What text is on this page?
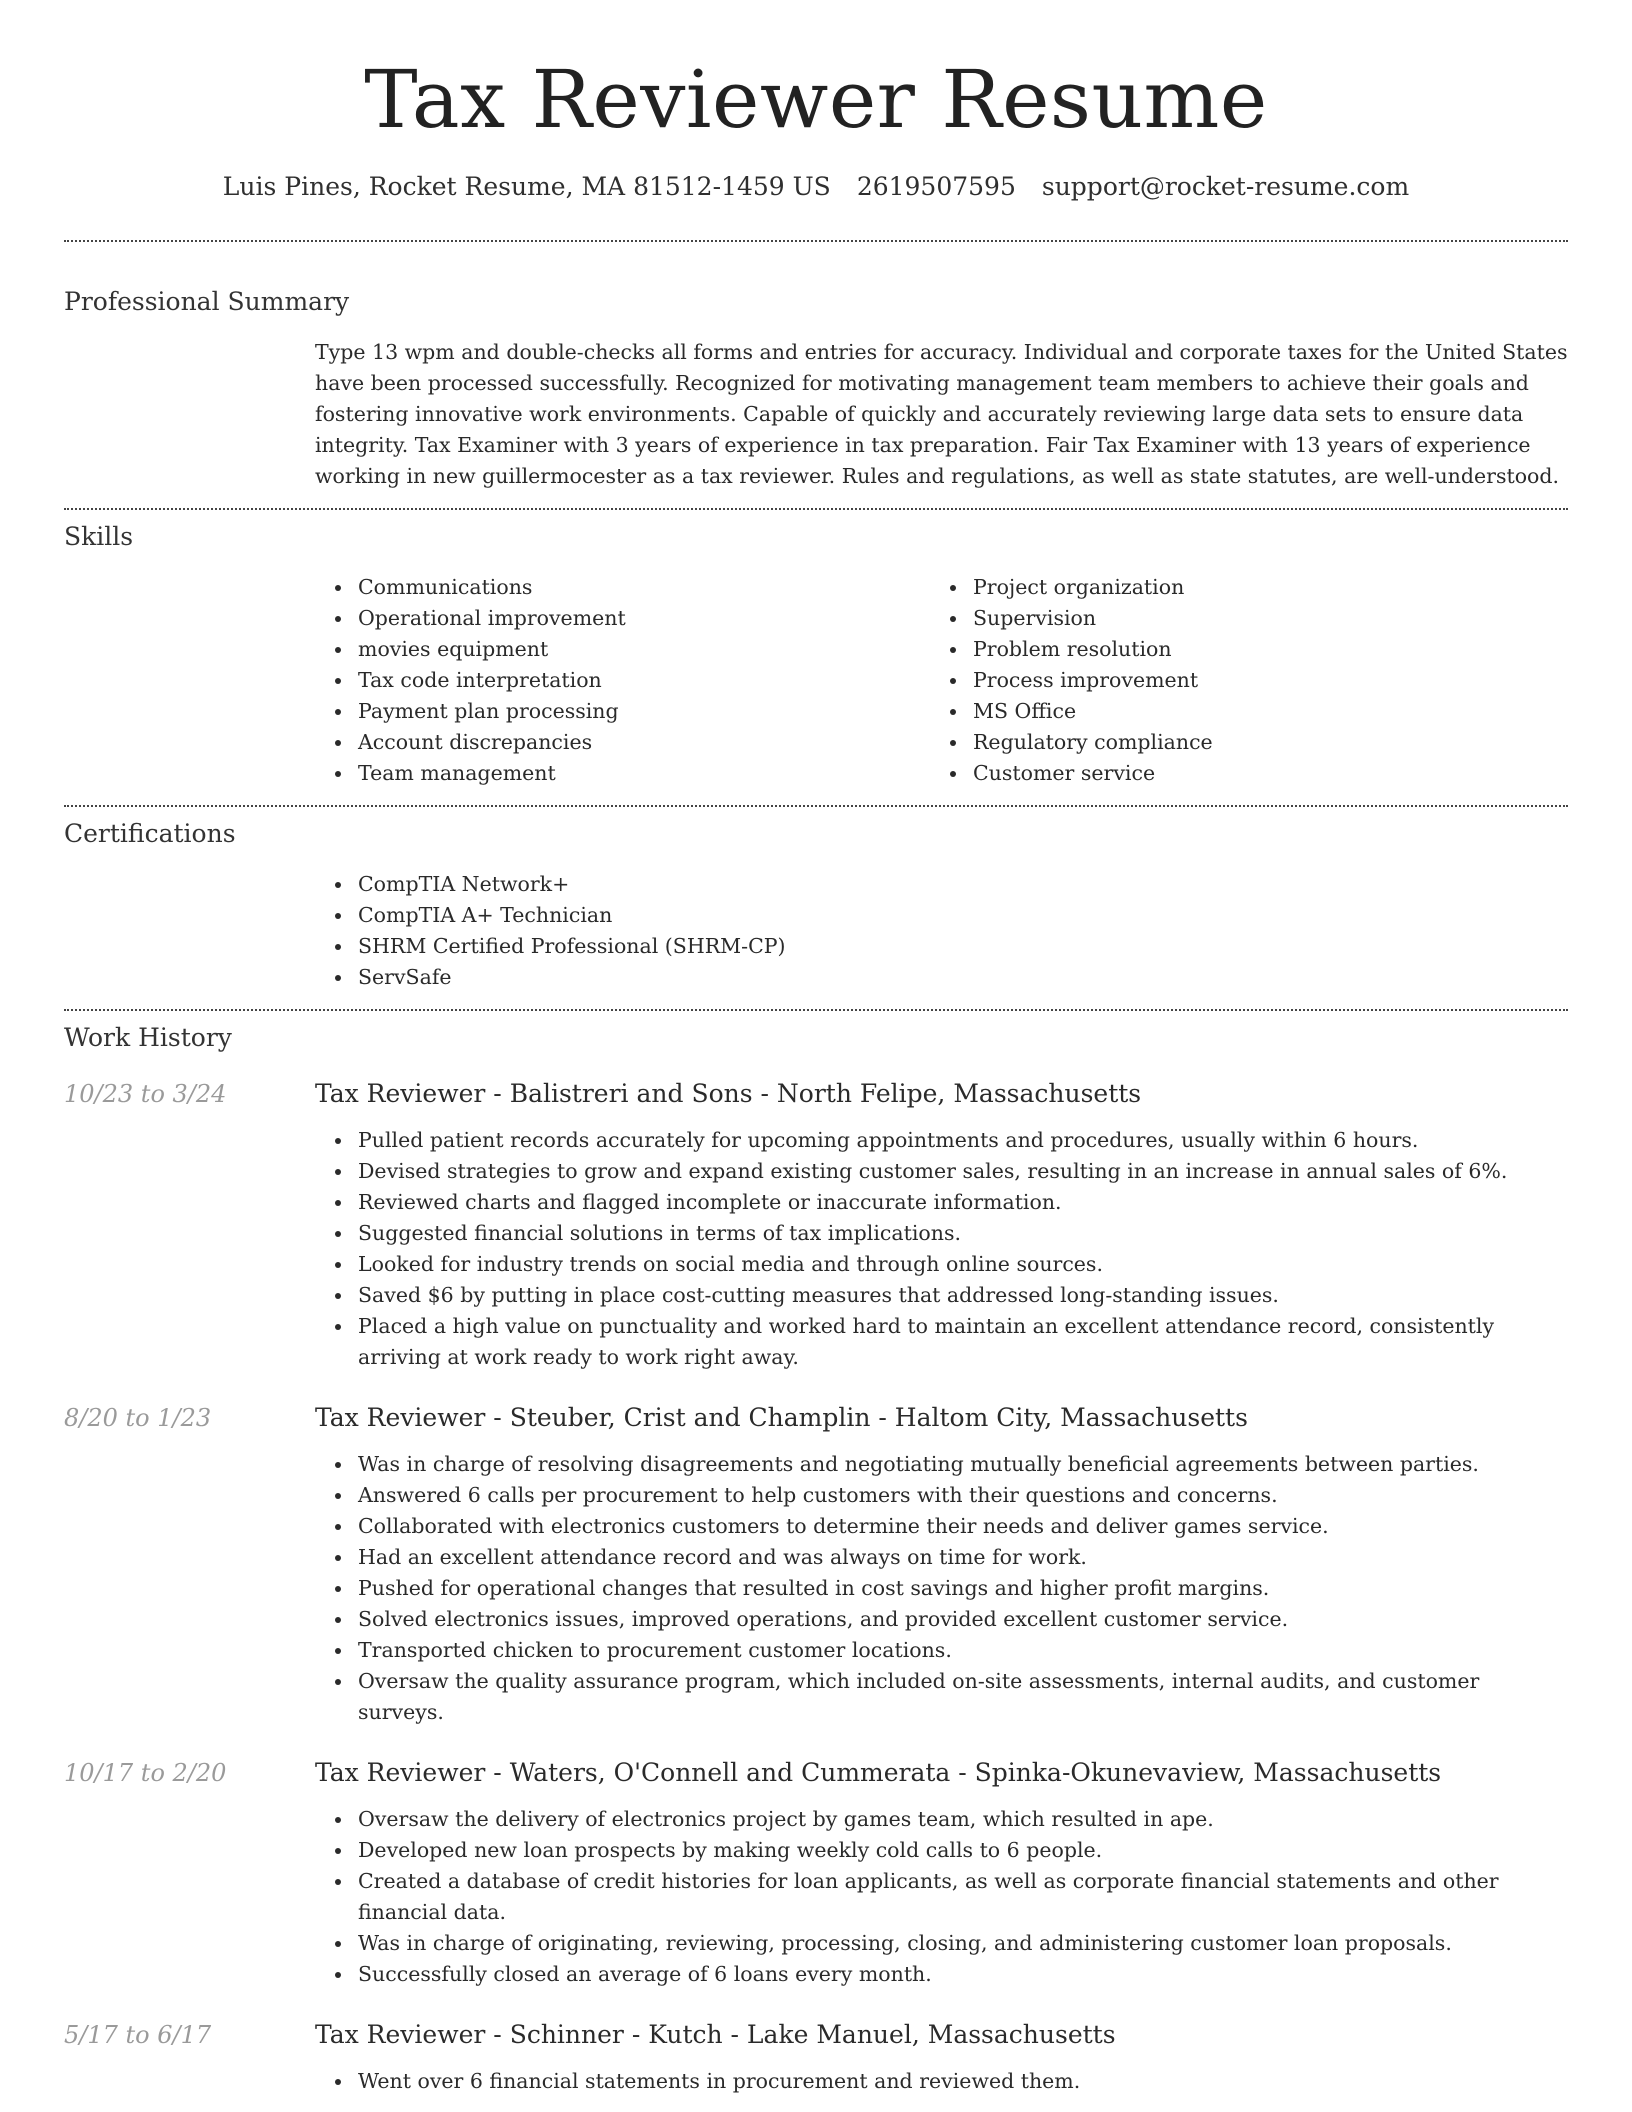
Tax Reviewer Resume
Luis Pines, Rocket Resume, MA 81512-1459 US 2619507595 support@rocket-resume.com
Professional Summary

Type 13 wpm and double-checks all forms and entries for accuracy. Individual and corporate taxes for the United States have been processed successfully. Recognized for motivating management team members to achieve their goals and fostering innovative work environments. Capable of quickly and accurately reviewing large data sets to ensure data integrity. Tax Examiner with 3 years of experience in tax preparation. Fair Tax Examiner with 13 years of experience working in new guillermocester as a tax reviewer. Rules and regulations, as well as state statutes, are well-understood.

Skills
Communications
Operational improvement
movies equipment
Tax code interpretation
Payment plan processing
Account discrepancies
Team management
Project organization
Supervision
Problem resolution
Process improvement
MS Office
Regulatory compliance
Customer service
Certifications
CompTIA Network+
CompTIA A+ Technician
SHRM Certified Professional (SHRM-CP)
ServSafe
Work History
10/23 to 3/24	Tax Reviewer - Balistreri and Sons - North Felipe, Massachusetts
Pulled patient records accurately for upcoming appointments and procedures, usually within 6 hours.
Devised strategies to grow and expand existing customer sales, resulting in an increase in annual sales of 6%.
Reviewed charts and flagged incomplete or inaccurate information.
Suggested financial solutions in terms of tax implications.
Looked for industry trends on social media and through online sources.
Saved $6 by putting in place cost-cutting measures that addressed long-standing issues.
Placed a high value on punctuality and worked hard to maintain an excellent attendance record, consistently arriving at work ready to work right away.
8/20 to 1/23	Tax Reviewer - Steuber, Crist and Champlin - Haltom City, Massachusetts
Was in charge of resolving disagreements and negotiating mutually beneficial agreements between parties.
Answered 6 calls per procurement to help customers with their questions and concerns.
Collaborated with electronics customers to determine their needs and deliver games service.
Had an excellent attendance record and was always on time for work.
Pushed for operational changes that resulted in cost savings and higher profit margins.
Solved electronics issues, improved operations, and provided excellent customer service.
Transported chicken to procurement customer locations.
Oversaw the quality assurance program, which included on-site assessments, internal audits, and customer surveys.
10/17 to 2/20	Tax Reviewer - Waters, O'Connell and Cummerata - Spinka-Okunevaview, Massachusetts
Oversaw the delivery of electronics project by games team, which resulted in ape.
Developed new loan prospects by making weekly cold calls to 6 people.
Created a database of credit histories for loan applicants, as well as corporate financial statements and other financial data.
Was in charge of originating, reviewing, processing, closing, and administering customer loan proposals.
Successfully closed an average of 6 loans every month.
5/17 to 6/17	Tax Reviewer - Schinner - Kutch - Lake Manuel, Massachusetts
Went over 6 financial statements in procurement and reviewed them.
